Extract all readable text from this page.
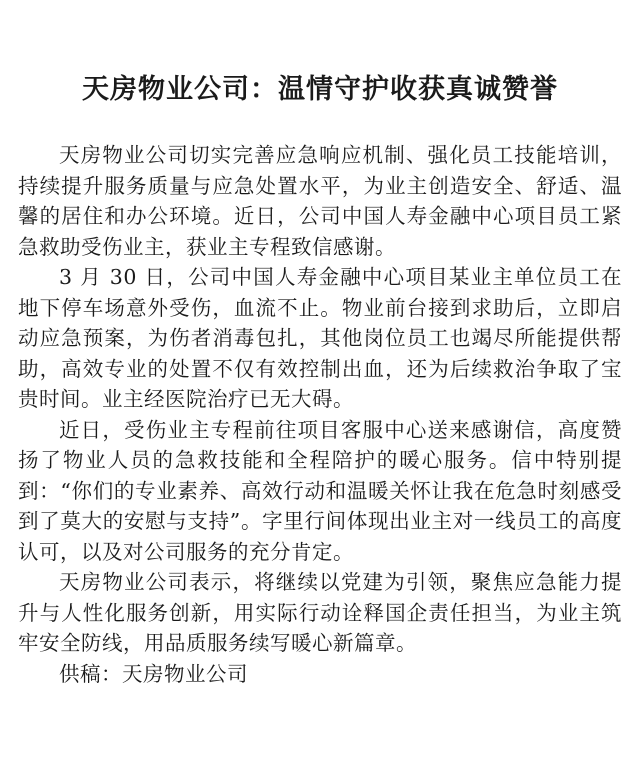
天房物业公司：温情守护收获真诚赞誉

天房物业公司切实完善应急响应机制、强化员工技能培训，持续提升服务质量与应急处置水平，为业主创造安全、舒适、温馨的居住和办公环境。近日，公司中国人寿金融中心项目员工紧急救助受伤业主，获业主专程致信感谢。

3 月 30 日，公司中国人寿金融中心项目某业主单位员工在地下停车场意外受伤，血流不止。物业前台接到求助后，立即启动应急预案，为伤者消毒包扎，其他岗位员工也竭尽所能提供帮助，高效专业的处置不仅有效控制出血，还为后续救治争取了宝贵时间。业主经医院治疗已无大碍。

近日，受伤业主专程前往项目客服中心送来感谢信，高度赞扬了物业人员的急救技能和全程陪护的暖心服务。信中特别提到：“你们的专业素养、高效行动和温暖关怀让我在危急时刻感受到了莫大的安慰与支持”。字里行间体现出业主对一线员工的高度认可，以及对公司服务的充分肯定。

天房物业公司表示，将继续以党建为引领，聚焦应急能力提升与人性化服务创新，用实际行动诠释国企责任担当，为业主筑牢安全防线，用品质服务续写暖心新篇章。

供稿：天房物业公司
